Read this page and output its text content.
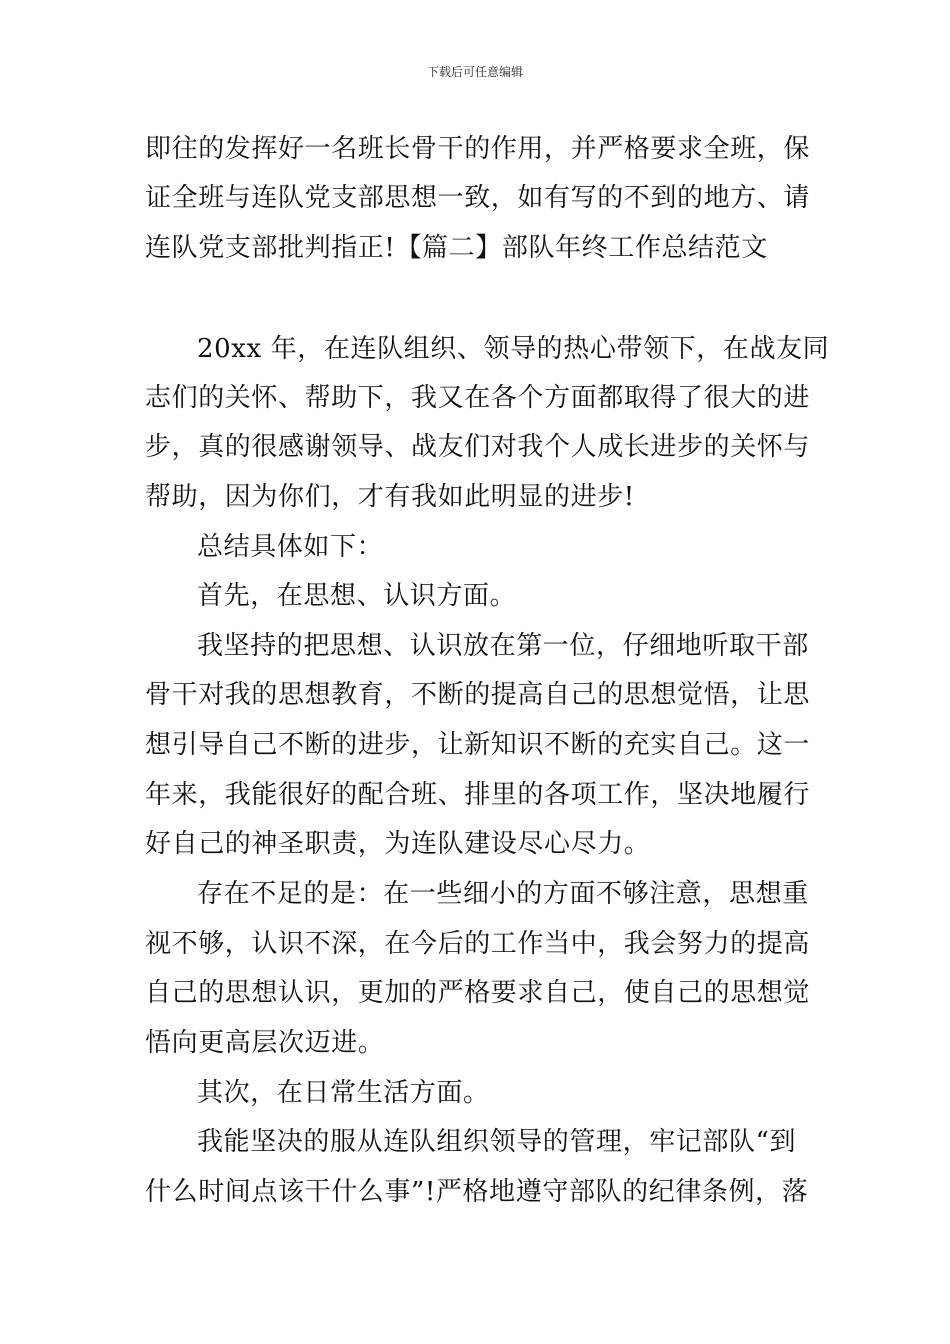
下载后可任意编辑
即往的发挥好一名班长骨干的作用，并严格要求全班，保
证全班与连队党支部思想一致，如有写的不到的地方、请
连队党支部批判指正!【篇二】部队年终工作总结范文
20xx 年，在连队组织、领导的热心带领下，在战友同
志们的关怀、帮助下，我又在各个方面都取得了很大的进
步，真的很感谢领导、战友们对我个人成长进步的关怀与
帮助，因为你们，才有我如此明显的进步!
总结具体如下：
首先，在思想、认识方面。
我坚持的把思想、认识放在第一位，仔细地听取干部
骨干对我的思想教育，不断的提高自己的思想觉悟，让思
想引导自己不断的进步，让新知识不断的充实自己。这一
年来，我能很好的配合班、排里的各项工作，坚决地履行
好自己的神圣职责，为连队建设尽心尽力。
存在不足的是：在一些细小的方面不够注意，思想重
视不够，认识不深，在今后的工作当中，我会努力的提高
自己的思想认识，更加的严格要求自己，使自己的思想觉
悟向更高层次迈进。
其次，在日常生活方面。
我能坚决的服从连队组织领导的管理，牢记部队“到
什么时间点该干什么事”!严格地遵守部队的纪律条例，落
